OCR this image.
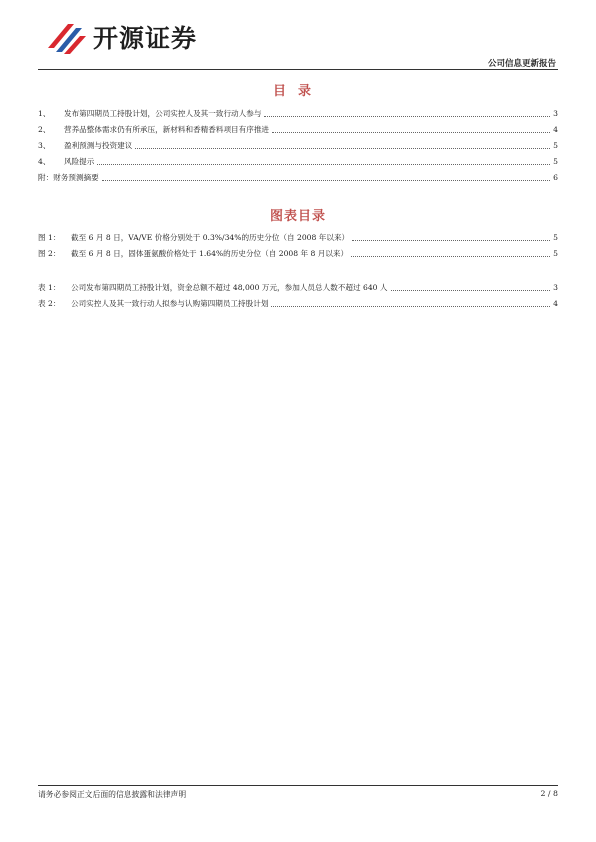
开源证券
公司信息更新报告
目录
1、	发布第四期员工持股计划，公司实控人及其一致行动人参与	3
2、	营养品整体需求仍有所承压，新材料和香精香料项目有序推进	4
3、	盈利预测与投资建议	5
4、	风险提示	5
附：财务预测摘要	6
图表目录
图 1：	截至 6 月 8 日，VA/VE 价格分别处于 0.3%/34%的历史分位（自 2008 年以来）	5
图 2：	截至 6 月 8 日，固体蛋氨酸价格处于 1.64%的历史分位（自 2008 年 8 月以来）	5
表 1：	公司发布第四期员工持股计划，资金总额不超过 48,000 万元，参加人员总人数不超过 640 人	3
表 2：	公司实控人及其一致行动人拟参与认购第四期员工持股计划	4
请务必参阅正文后面的信息披露和法律声明	2 / 8
